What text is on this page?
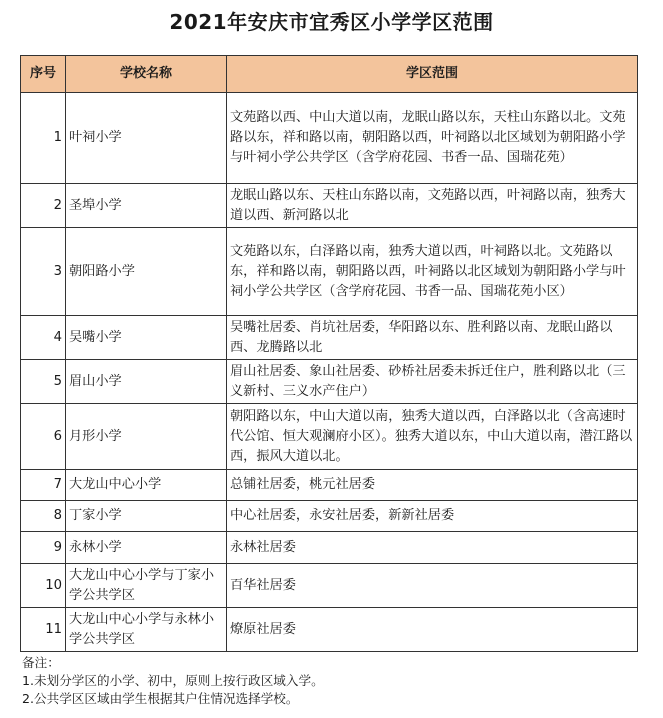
2021年安庆市宜秀区小学学区范围
序号	学校名称	学区范围
1	叶祠小学	文苑路以西、中山大道以南，龙眠山路以东，天柱山东路以北。文苑路以东，祥和路以南，朝阳路以西，叶祠路以北区域划为朝阳路小学与叶祠小学公共学区（含学府花园、书香一品、国瑞花苑）
2	圣埠小学	龙眠山路以东、天柱山东路以南，文苑路以西，叶祠路以南，独秀大道以西、新河路以北
3	朝阳路小学	文苑路以东，白泽路以南，独秀大道以西，叶祠路以北。文苑路以东，祥和路以南，朝阳路以西，叶祠路以北区域划为朝阳路小学与叶祠小学公共学区（含学府花园、书香一品、国瑞花苑小区）
4	吴嘴小学	吴嘴社居委、肖坑社居委，华阳路以东、胜利路以南、龙眠山路以西、龙腾路以北
5	眉山小学	眉山社居委、象山社居委、砂桥社居委未拆迁住户，胜利路以北（三义新村、三义水产住户）
6	月形小学	朝阳路以东，中山大道以南，独秀大道以西，白泽路以北（含高速时代公馆、恒大观澜府小区）。独秀大道以东，中山大道以南，潜江路以西，振风大道以北。
7	大龙山中心小学	总铺社居委，桃元社居委
8	丁家小学	中心社居委，永安社居委，新新社居委
9	永林小学	永林社居委
10	大龙山中心小学与丁家小学公共学区	百华社居委
11	大龙山中心小学与永林小学公共学区	燎原社居委
备注：
1.未划分学区的小学、初中，原则上按行政区域入学。
2.公共学区区域由学生根据其户住情况选择学校。
